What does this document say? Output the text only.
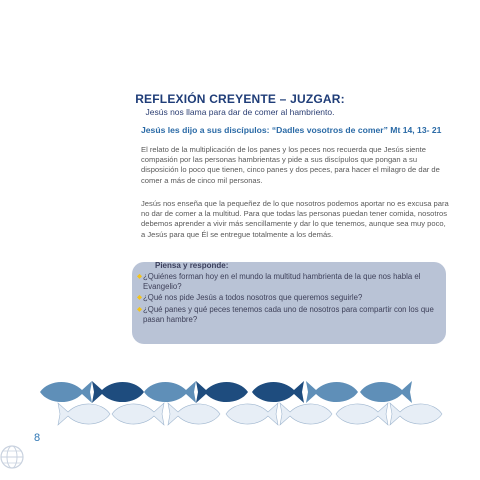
REFLEXIÓN CREYENTE – JUZGAR:
Jesús nos llama para dar de comer al hambriento.
Jesús les dijo a sus discípulos: “Dadles vosotros de comer” Mt 14, 13- 21

El relato de la multiplicación de los panes y los peces nos recuerda que Jesús siente compasión por las personas hambrientas y pide a sus discípulos que pongan a su disposición lo poco que tienen, cinco panes y dos peces, para hacer el milagro de dar de comer a más de cinco mil personas.

Jesús nos enseña que la pequeñez de lo que nosotros podemos aportar no es excusa para no dar de comer a la multitud. Para que todas las personas puedan tener comida, nosotros debemos aprender a vivir más sencillamente y dar lo que tenemos, aunque sea muy poco, a Jesús para que Él se entregue totalmente a los demás.

Piensa y responde:
◆ ¿Quiénes forman hoy en el mundo la multitud hambrienta de la que nos habla el Evangelio?
◆ ¿Qué nos pide Jesús a todos nosotros que queremos seguirle?
◆ ¿Qué panes y qué peces tenemos cada uno de nosotros para compartir con los que pasan hambre?
8
